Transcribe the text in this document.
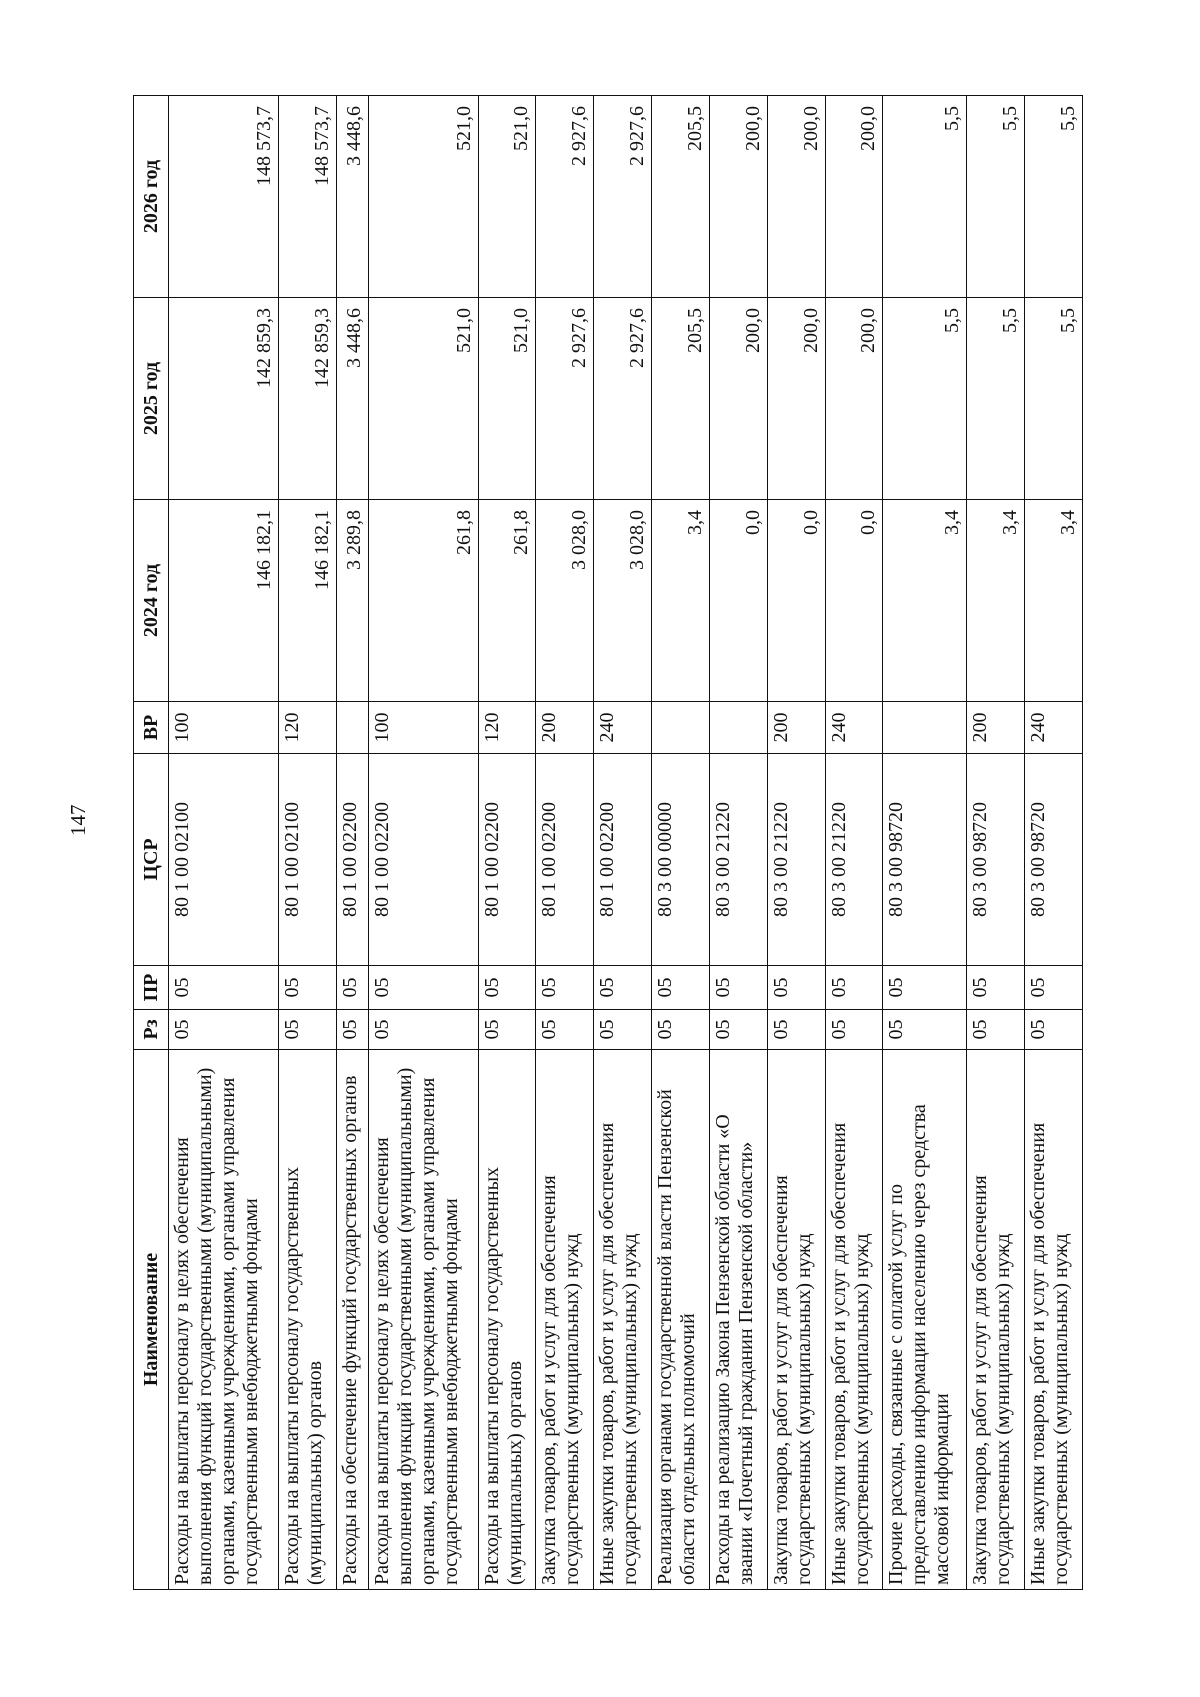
147
Наименование	Рз	ПР	ЦСР	ВР	2024 год	2025 год	2026 год
Расходы на выплаты персоналу в целях обеспечения выполнения функций государственными (муниципальными) органами, казенными учреждениями, органами управления государственными внебюджетными фондами	05	05	80 1 00 02100	100	146 182,1	142 859,3	148 573,7
Расходы на выплаты персоналу государственных (муниципальных) органов	05	05	80 1 00 02100	120	146 182,1	142 859,3	148 573,7
Расходы на обеспечение функций государственных органов	05	05	80 1 00 02200		3 289,8	3 448,6	3 448,6
Расходы на выплаты персоналу в целях обеспечения выполнения функций государственными (муниципальными) органами, казенными учреждениями, органами управления государственными внебюджетными фондами	05	05	80 1 00 02200	100	261,8	521,0	521,0
Расходы на выплаты персоналу государственных (муниципальных) органов	05	05	80 1 00 02200	120	261,8	521,0	521,0
Закупка товаров, работ и услуг для обеспечения государственных (муниципальных) нужд	05	05	80 1 00 02200	200	3 028,0	2 927,6	2 927,6
Иные закупки товаров, работ и услуг для обеспечения государственных (муниципальных) нужд	05	05	80 1 00 02200	240	3 028,0	2 927,6	2 927,6
Реализация органами государственной власти Пензенской области отдельных полномочий	05	05	80 3 00 00000		3,4	205,5	205,5
Расходы на реализацию Закона Пензенской области «О звании «Почетный гражданин Пензенской области»	05	05	80 3 00 21220		0,0	200,0	200,0
Закупка товаров, работ и услуг для обеспечения государственных (муниципальных) нужд	05	05	80 3 00 21220	200	0,0	200,0	200,0
Иные закупки товаров, работ и услуг для обеспечения государственных (муниципальных) нужд	05	05	80 3 00 21220	240	0,0	200,0	200,0
Прочие расходы, связанные с оплатой услуг по предоставлению информации населению через средства массовой информации	05	05	80 3 00 98720		3,4	5,5	5,5
Закупка товаров, работ и услуг для обеспечения государственных (муниципальных) нужд	05	05	80 3 00 98720	200	3,4	5,5	5,5
Иные закупки товаров, работ и услуг для обеспечения государственных (муниципальных) нужд	05	05	80 3 00 98720	240	3,4	5,5	5,5
